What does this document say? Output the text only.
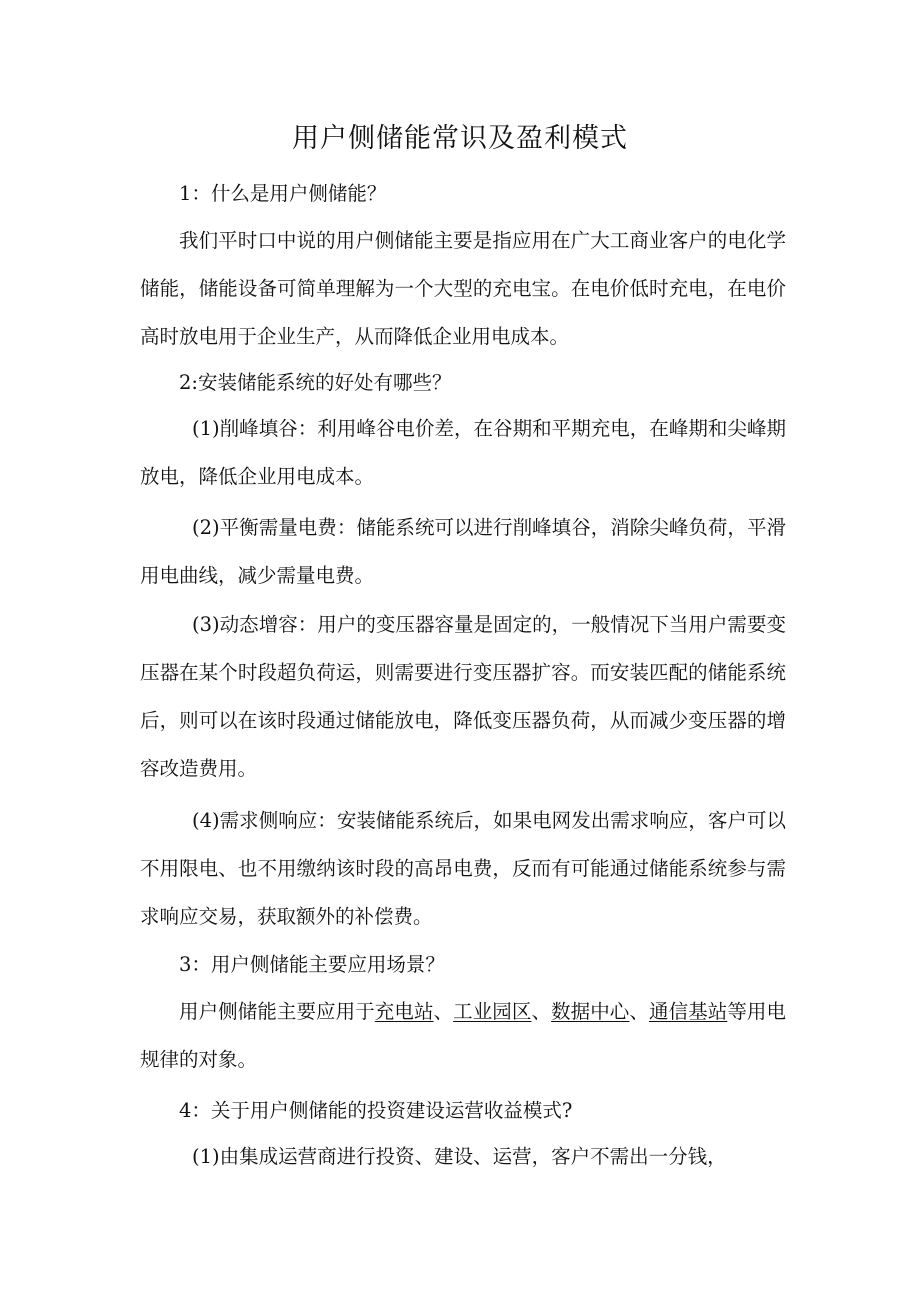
用户侧储能常识及盈利模式

1：什么是用户侧储能？

我们平时口中说的用户侧储能主要是指应用在广大工商业客户的电化学储能，储能设备可简单理解为一个大型的充电宝。在电价低时充电，在电价高时放电用于企业生产，从而降低企业用电成本。

2:安装储能系统的好处有哪些？

(1)削峰填谷：利用峰谷电价差，在谷期和平期充电，在峰期和尖峰期放电，降低企业用电成本。

(2)平衡需量电费：储能系统可以进行削峰填谷，消除尖峰负荷，平滑用电曲线，减少需量电费。

(3)动态增容：用户的变压器容量是固定的，一般情况下当用户需要变压器在某个时段超负荷运，则需要进行变压器扩容。而安装匹配的储能系统后，则可以在该时段通过储能放电，降低变压器负荷，从而减少变压器的增容改造费用。

(4)需求侧响应：安装储能系统后，如果电网发出需求响应，客户可以不用限电、也不用缴纳该时段的高昂电费，反而有可能通过储能系统参与需求响应交易，获取额外的补偿费。

3：用户侧储能主要应用场景？

用户侧储能主要应用于充电站、工业园区、数据中心、通信基站等用电规律的对象。

4：关于用户侧储能的投资建设运营收益模式?

(1)由集成运营商进行投资、建设、运营，客户不需出一分钱，
